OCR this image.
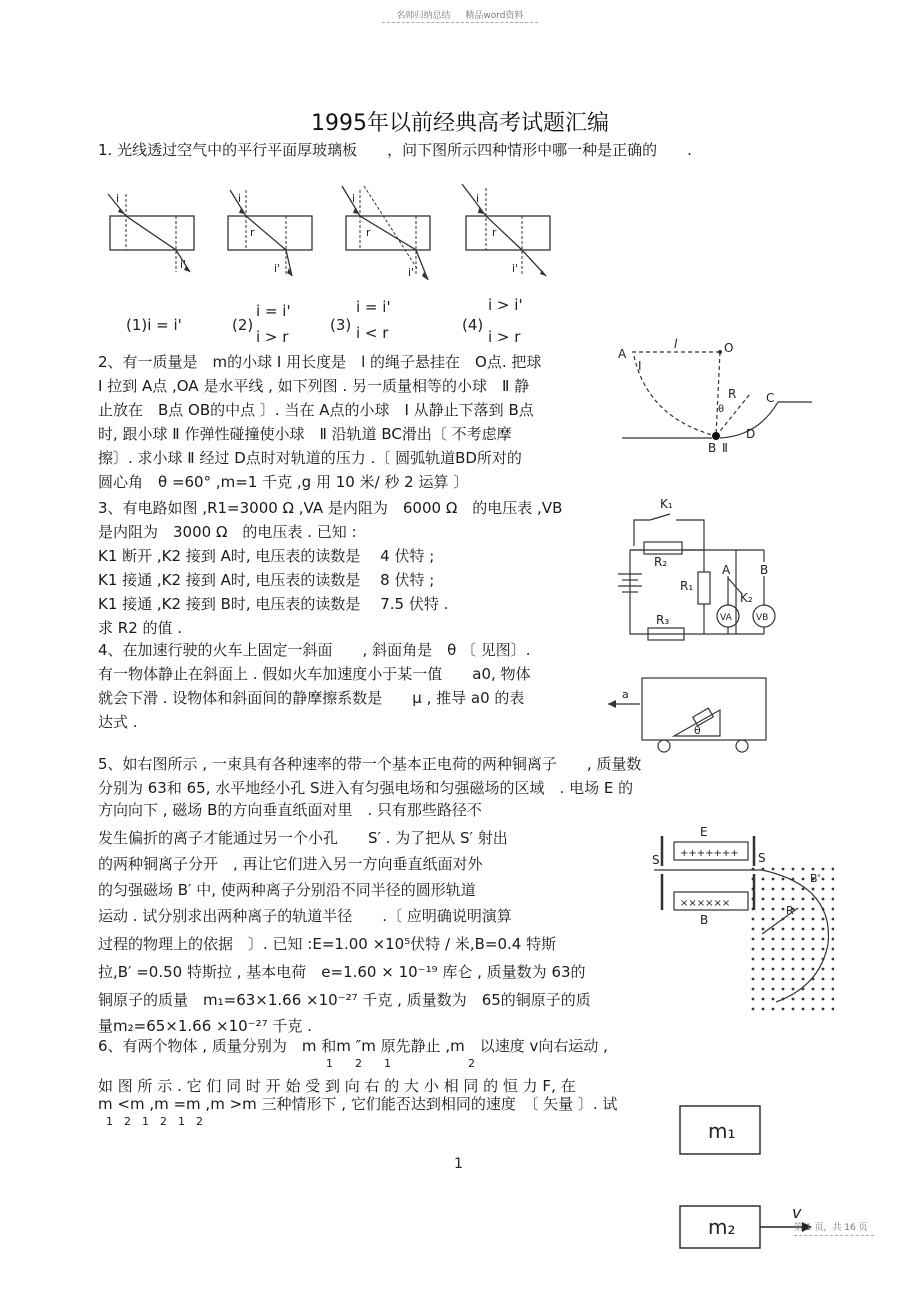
名师归纳总结 精品word资料
1995年以前经典高考试题汇编
1. 光线透过空气中的平行平面厚玻璃板　　，问下图所示四种情形中哪一种是正确的　　.
i
i'
i
r
i'
i
r
i'
i
r
i'
(1)i = i'	(2)
i = i'
i > r
(3)
i = i'
i < r	(4)
i > i'
i > r
2、有一质量是　m的小球 Ⅰ 用长度是　l 的绳子悬挂在　O点. 把球
Ⅰ 拉到 A点 ,OA 是水平线 , 如下列图 . 另一质量相等的小球　Ⅱ 静
止放在　B点 OB的中点 〕. 当在 A点的小球　Ⅰ 从静止下落到 B点
时, 跟小球 Ⅱ 作弹性碰撞使小球　Ⅱ 沿轨道 BC滑出〔 不考虑摩
擦〕. 求小球 Ⅱ 经过 D点时对轨道的压力 .〔 圆弧轨道BD所对的
圆心角　θ =60° ,m=1 千克 ,g 用 10 米/ 秒 2 运算 〕
A
I
l	O
R
θ
C
D
B Ⅱ
3、有电路如图 ,R1=3000 Ω ,VA 是内阻为　6000 Ω　的电压表 ,VB
是内阻为　3000 Ω　的电压表 . 已知 :
K1 断开 ,K2 接到 A时, 电压表的读数是　 4 伏特 ;
K1 接通 ,K2 接到 A时, 电压表的读数是　 8 伏特 ;
K1 接通 ,K2 接到 B时, 电压表的读数是　 7.5 伏特 .
求 R2 的值 .
K₁
R₂
R₁
R₃
A B
K₂
VA	VB
4、在加速行驶的火车上固定一斜面　　, 斜面角是　θ 〔 见图〕.
有一物体静止在斜面上 . 假如火车加速度小于某一值　　a0, 物体
就会下滑 . 设物体和斜面间的静摩擦系数是　　μ , 推导 a0 的表
达式 .
a
θ
5、如右图所示 , 一束具有各种速率的带一个基本正电荷的两种铜离子　　, 质量数
分别为 63和 65, 水平地经小孔 S进入有匀强电场和匀强磁场的区域　. 电场 E 的
方向向下 , 磁场 B的方向垂直纸面对里　. 只有那些路径不
发生偏折的离子才能通过另一个小孔　　S′ . 为了把从 S′ 射出
的两种铜离子分开　, 再让它们进入另一方向垂直纸面对外
的匀强磁场 B′ 中, 使两种离子分别沿不同半径的圆形轨道
运动 . 试分别求出两种离子的轨道半径　　.〔 应明确说明演算
过程的物理上的依据　〕. 已知 :E=1.00 ×10⁵伏特 / 米,B=0.4 特斯
拉,B′ =0.50 特斯拉 , 基本电荷　e=1.60 × 10⁻¹⁹ 库仑 , 质量数为 63的
铜原子的质量　m₁=63×1.66 ×10⁻²⁷ 千克 , 质量数为　65的铜原子的质
量m₂=65×1.66 ×10⁻²⁷ 千克 .
E
+++++++
××××××
S	S
B
B'
R
6、有两个物体 , 质量分别为　m 和m ″m 原先静止 ,m　以速度 v向右运动 ,
1　　2　　1　　　　　　　2
如 图 所 示 . 它 们 同 时 开 始 受 到 向 右 的 大 小 相 同 的 恒 力 F, 在
m <m ,m =m ,m >m 三种情形下 , 它们能否达到相同的速度　〔 矢量 〕. 试
1　2　1　2　1　2	m₁
m₂
v
1
第 1 页，共 16 页
